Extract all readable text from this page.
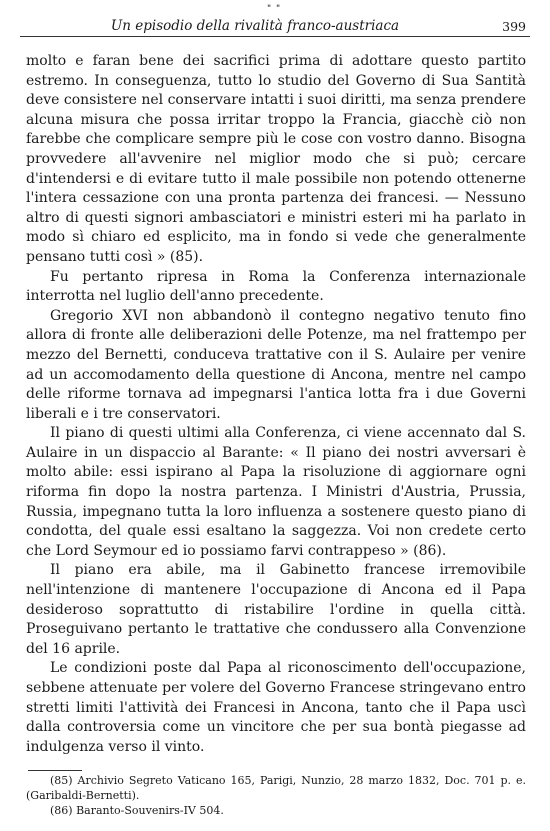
" "
Un episodio della rivalità franco-austriaca	399

molto e faran bene dei sacrifici prima di adottare questo partito estremo. In conseguenza, tutto lo studio del Governo di Sua Santità deve consistere nel conservare intatti i suoi diritti, ma senza prendere alcuna misura che possa irritar troppo la Francia, giacchè ciò non farebbe che complicare sempre più le cose con vostro danno. Bisogna provvedere all'avvenire nel miglior modo che si può; cercare d'intendersi e di evitare tutto il male possibile non potendo ottenerne l'intera cessazione con una pronta partenza dei francesi. — Nessuno altro di questi signori ambasciatori e ministri esteri mi ha parlato in modo sì chiaro ed esplicito, ma in fondo si vede che generalmente pensano tutti così » (85).

Fu pertanto ripresa in Roma la Conferenza internazionale interrotta nel luglio dell'anno precedente.

Gregorio XVI non abbandonò il contegno negativo tenuto fino allora di fronte alle deliberazioni delle Potenze, ma nel frattempo per mezzo del Bernetti, conduceva trattative con il S. Aulaire per venire ad un accomodamento della questione di Ancona, mentre nel campo delle riforme tornava ad impegnarsi l'antica lotta fra i due Governi liberali e i tre conservatori.

Il piano di questi ultimi alla Conferenza, ci viene accennato dal S. Aulaire in un dispaccio al Barante: « Il piano dei nostri avversari è molto abile: essi ispirano al Papa la risoluzione di aggiornare ogni riforma fin dopo la nostra partenza. I Ministri d'Austria, Prussia, Russia, impegnano tutta la loro influenza a sostenere questo piano di condotta, del quale essi esaltano la saggezza. Voi non credete certo che Lord Seymour ed io possiamo farvi contrappeso » (86).

Il piano era abile, ma il Gabinetto francese irremovibile nell'intenzione di mantenere l'occupazione di Ancona ed il Papa desideroso soprattutto di ristabilire l'ordine in quella città. Proseguivano pertanto le trattative che condussero alla Convenzione del 16 aprile.

Le condizioni poste dal Papa al riconoscimento dell'occupazione, sebbene attenuate per volere del Governo Francese stringevano entro stretti limiti l'attività dei Francesi in Ancona, tanto che il Papa uscì dalla controversia come un vincitore che per sua bontà piegasse ad indulgenza verso il vinto.

(85) Archivio Segreto Vaticano 165, Parigi, Nunzio, 28 marzo 1832, Doc. 701 p. e. (Garibaldi-Bernetti).

(86) Baranto-Souvenirs-IV 504.
